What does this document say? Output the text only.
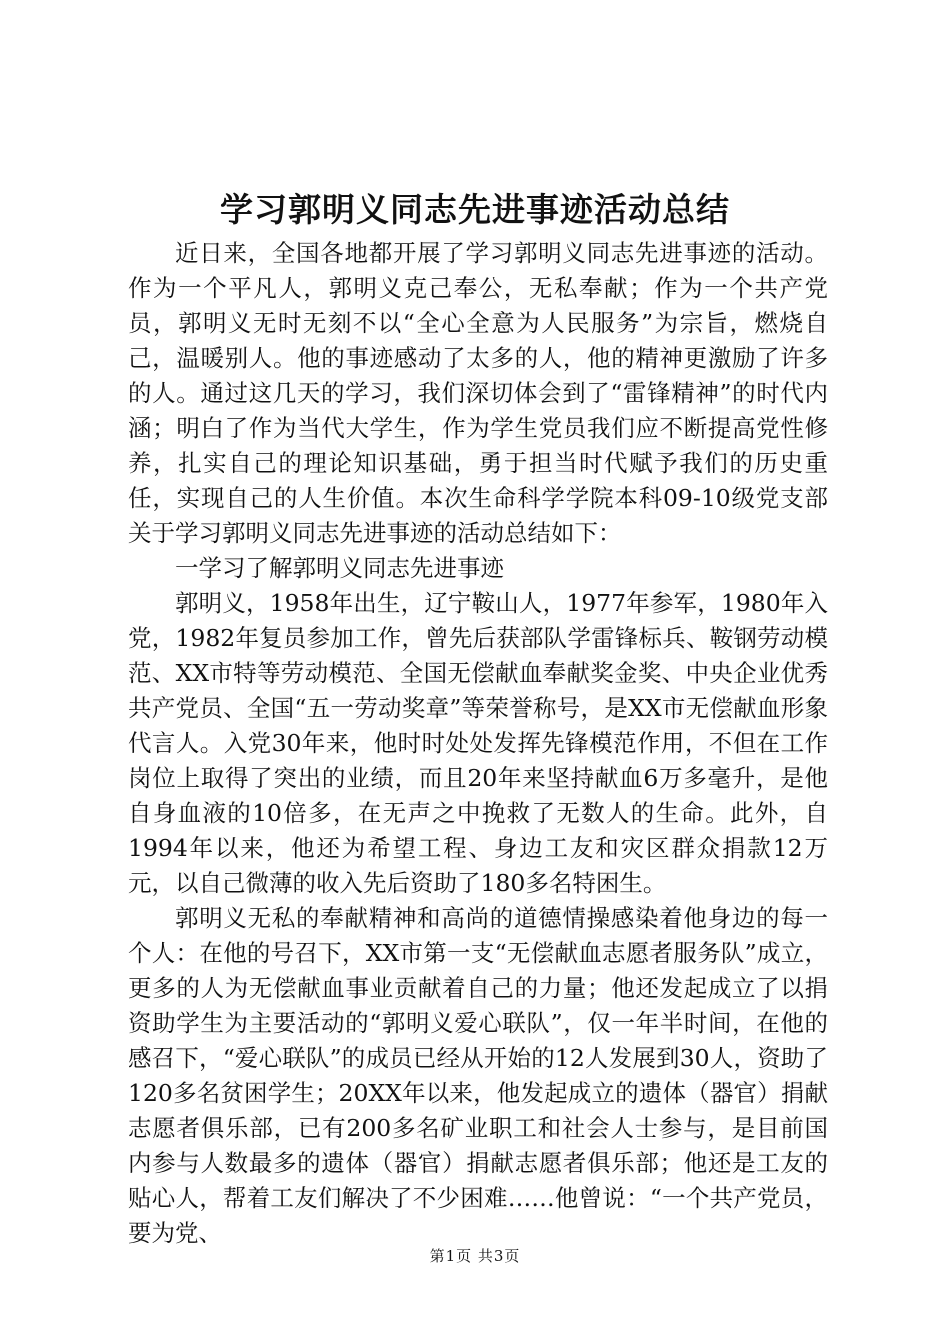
学习郭明义同志先进事迹活动总结

近日来，全国各地都开展了学习郭明义同志先进事迹的活动。作为一个平凡人，郭明义克己奉公，无私奉献；作为一个共产党员，郭明义无时无刻不以“全心全意为人民服务”为宗旨，燃烧自己，温暖别人。他的事迹感动了太多的人，他的精神更激励了许多的人。通过这几天的学习，我们深切体会到了“雷锋精神”的时代内涵；明白了作为当代大学生，作为学生党员我们应不断提高党性修养，扎实自己的理论知识基础，勇于担当时代赋予我们的历史重任，实现自己的人生价值。本次生命科学学院本科09-10级党支部关于学习郭明义同志先进事迹的活动总结如下：

一学习了解郭明义同志先进事迹

郭明义，1958年出生，辽宁鞍山人，1977年参军，1980年入党，1982年复员参加工作，曾先后获部队学雷锋标兵、鞍钢劳动模范、XX市特等劳动模范、全国无偿献血奉献奖金奖、中央企业优秀共产党员、全国“五一劳动奖章”等荣誉称号，是XX市无偿献血形象代言人。入党30年来，他时时处处发挥先锋模范作用，不但在工作岗位上取得了突出的业绩，而且20年来坚持献血6万多毫升，是他自身血液的10倍多，在无声之中挽救了无数人的生命。此外，自1994年以来，他还为希望工程、身边工友和灾区群众捐款12万元，以自己微薄的收入先后资助了180多名特困生。

郭明义无私的奉献精神和高尚的道德情操感染着他身边的每一个人：在他的号召下，XX市第一支“无偿献血志愿者服务队”成立，更多的人为无偿献血事业贡献着自己的力量；他还发起成立了以捐资助学生为主要活动的“郭明义爱心联队”，仅一年半时间，在他的感召下，“爱心联队”的成员已经从开始的12人发展到30人，资助了120多名贫困学生；20XX年以来，他发起成立的遗体（器官）捐献志愿者俱乐部，已有200多名矿业职工和社会人士参与，是目前国内参与人数最多的遗体（器官）捐献志愿者俱乐部；他还是工友的贴心人，帮着工友们解决了不少困难……他曾说：“一个共产党员，要为党、

第1页 共3页
